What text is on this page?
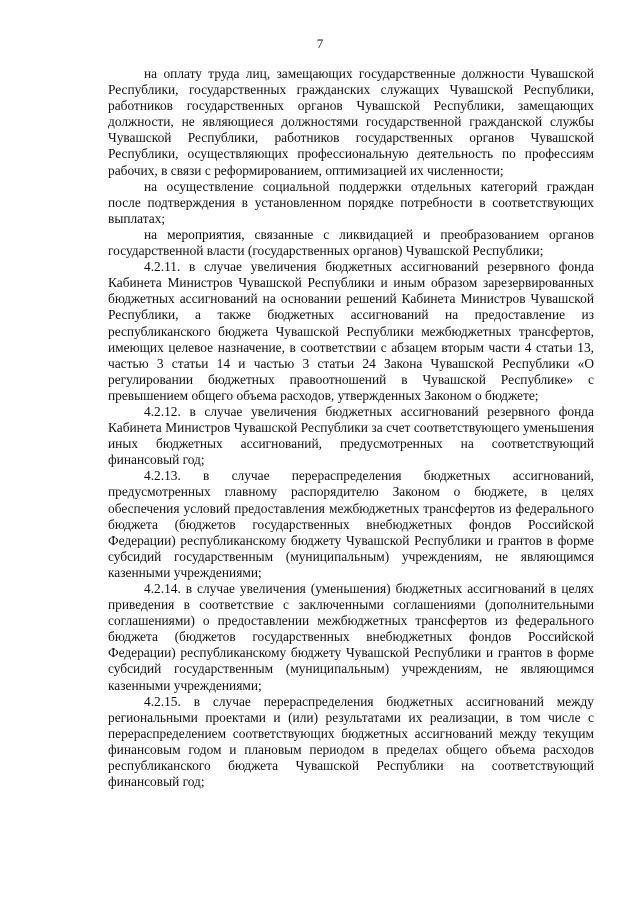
7

на оплату труда лиц, замещающих государственные должности Чувашской Республики, государственных гражданских служащих Чувашской Республики, работников государственных органов Чувашской Республики, замещающих должности, не являющиеся должностями государственной гражданской службы Чувашской Республики, работников государственных органов Чувашской Республики, осуществляющих профессиональную деятельность по профессиям рабочих, в связи с реформированием, оптимизацией их численности;

на осуществление социальной поддержки отдельных категорий граждан после подтверждения в установленном порядке потребности в соответствующих выплатах;

на мероприятия, связанные с ликвидацией и преобразованием органов государственной власти (государственных органов) Чувашской Республики;

4.2.11. в случае увеличения бюджетных ассигнований резервного фонда Кабинета Министров Чувашской Республики и иным образом зарезервированных бюджетных ассигнований на основании решений Кабинета Министров Чувашской Республики, а также бюджетных ассигнований на предоставление из республиканского бюджета Чувашской Республики межбюджетных трансфертов, имеющих целевое назначение, в соответствии с абзацем вторым части 4 статьи 13, частью 3 статьи 14 и частью 3 статьи 24 Закона Чувашской Республики «О регулировании бюджетных правоотношений в Чувашской Республике» с превышением общего объема расходов, утвержденных Законом о бюджете;

4.2.12. в случае увеличения бюджетных ассигнований резервного фонда Кабинета Министров Чувашской Республики за счет соответствующего уменьшения иных бюджетных ассигнований, предусмотренных на соответствующий финансовый год;

4.2.13. в случае перераспределения бюджетных ассигнований, предусмотренных главному распорядителю Законом о бюджете, в целях обеспечения условий предоставления межбюджетных трансфертов из федерального бюджета (бюджетов государственных внебюджетных фондов Российской Федерации) республиканскому бюджету Чувашской Республики и грантов в форме субсидий государственным (муниципальным) учреждениям, не являющимся казенными учреждениями;

4.2.14. в случае увеличения (уменьшения) бюджетных ассигнований в целях приведения в соответствие с заключенными соглашениями (дополнительными соглашениями) о предоставлении межбюджетных трансфертов из федерального бюджета (бюджетов государственных внебюджетных фондов Российской Федерации) республиканскому бюджету Чувашской Республики и грантов в форме субсидий государственным (муниципальным) учреждениям, не являющимся казенными учреждениями;

4.2.15. в случае перераспределения бюджетных ассигнований между региональными проектами и (или) результатами их реализации, в том числе с перераспределением соответствующих бюджетных ассигнований между текущим финансовым годом и плановым периодом в пределах общего объема расходов республиканского бюджета Чувашской Республики на соответствующий финансовый год;
